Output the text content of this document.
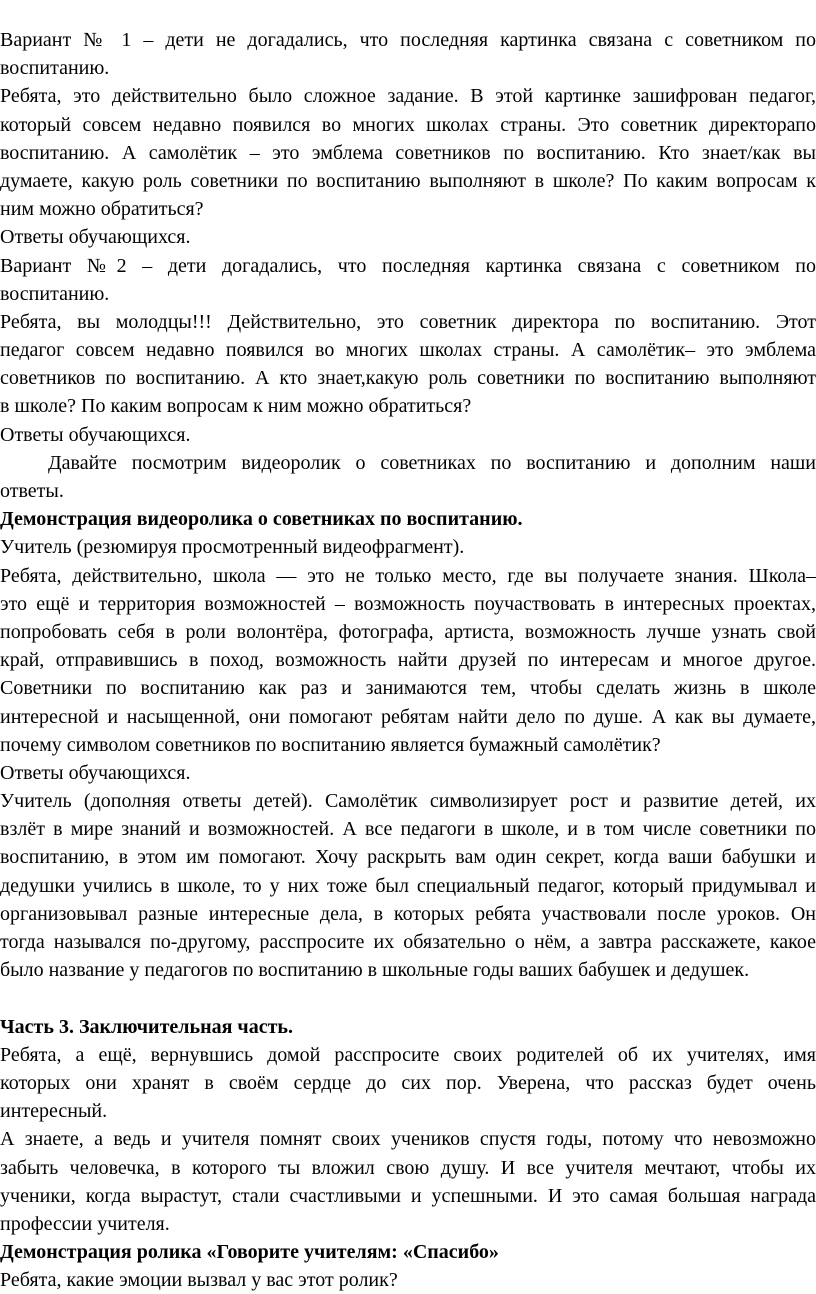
Вариант № 1 – дети не догадались, что последняя картинка связана с советником по
воспитанию.
Ребята, это действительно было сложное задание. В этой картинке зашифрован педагог,
который совсем недавно появился во многих школах страны. Это советник директорапо
воспитанию. А самолётик – это эмблема советников по воспитанию. Кто знает/как вы
думаете, какую роль советники по воспитанию выполняют в школе? По каким вопросам к
ним можно обратиться?
Ответы обучающихся.
Вариант №2 – дети догадались, что последняя картинка связана с советником по
воспитанию.
Ребята, вы молодцы!!! Действительно, это советник директора по воспитанию. Этот
педагог совсем недавно появился во многих школах страны. А самолётик– это эмблема
советников по воспитанию. А кто знает,какую роль советники по воспитанию выполняют
в школе? По каким вопросам к ним можно обратиться?
Ответы обучающихся.
Давайте посмотрим видеоролик о советниках по воспитанию и дополним наши
ответы.
Демонстрация видеоролика о советниках по воспитанию.
Учитель (резюмируя просмотренный видеофрагмент).
Ребята, действительно, школа — это не только место, где вы получаете знания. Школа–
это ещё и территория возможностей – возможность поучаствовать в интересных проектах,
попробовать себя в роли волонтёра, фотографа, артиста, возможность лучше узнать свой
край, отправившись в поход, возможность найти друзей по интересам и многое другое.
Советники по воспитанию как раз и занимаются тем, чтобы сделать жизнь в школе
интересной и насыщенной, они помогают ребятам найти дело по душе. А как вы думаете,
почему символом советников по воспитанию является бумажный самолётик?
Ответы обучающихся.
Учитель (дополняя ответы детей). Самолётик символизирует рост и развитие детей, их
взлёт в мире знаний и возможностей. А все педагоги в школе, и в том числе советники по
воспитанию, в этом им помогают. Хочу раскрыть вам один секрет, когда ваши бабушки и
дедушки учились в школе, то у них тоже был специальный педагог, который придумывал и
организовывал разные интересные дела, в которых ребята участвовали после уроков. Он
тогда назывался по-другому, расспросите их обязательно о нём, а завтра расскажете, какое
было название у педагогов по воспитанию в школьные годы ваших бабушек и дедушек.
Часть 3. Заключительная часть.
Ребята, а ещё, вернувшись домой расспросите своих родителей об их учителях, имя
которых они хранят в своём сердце до сих пор. Уверена, что рассказ будет очень
интересный.
А знаете, а ведь и учителя помнят своих учеников спустя годы, потому что невозможно
забыть человечка, в которого ты вложил свою душу. И все учителя мечтают, чтобы их
ученики, когда вырастут, стали счастливыми и успешными. И это самая большая награда
профессии учителя.
Демонстрация ролика «Говорите учителям: «Спасибо»
Ребята, какие эмоции вызвал у вас этот ролик?
